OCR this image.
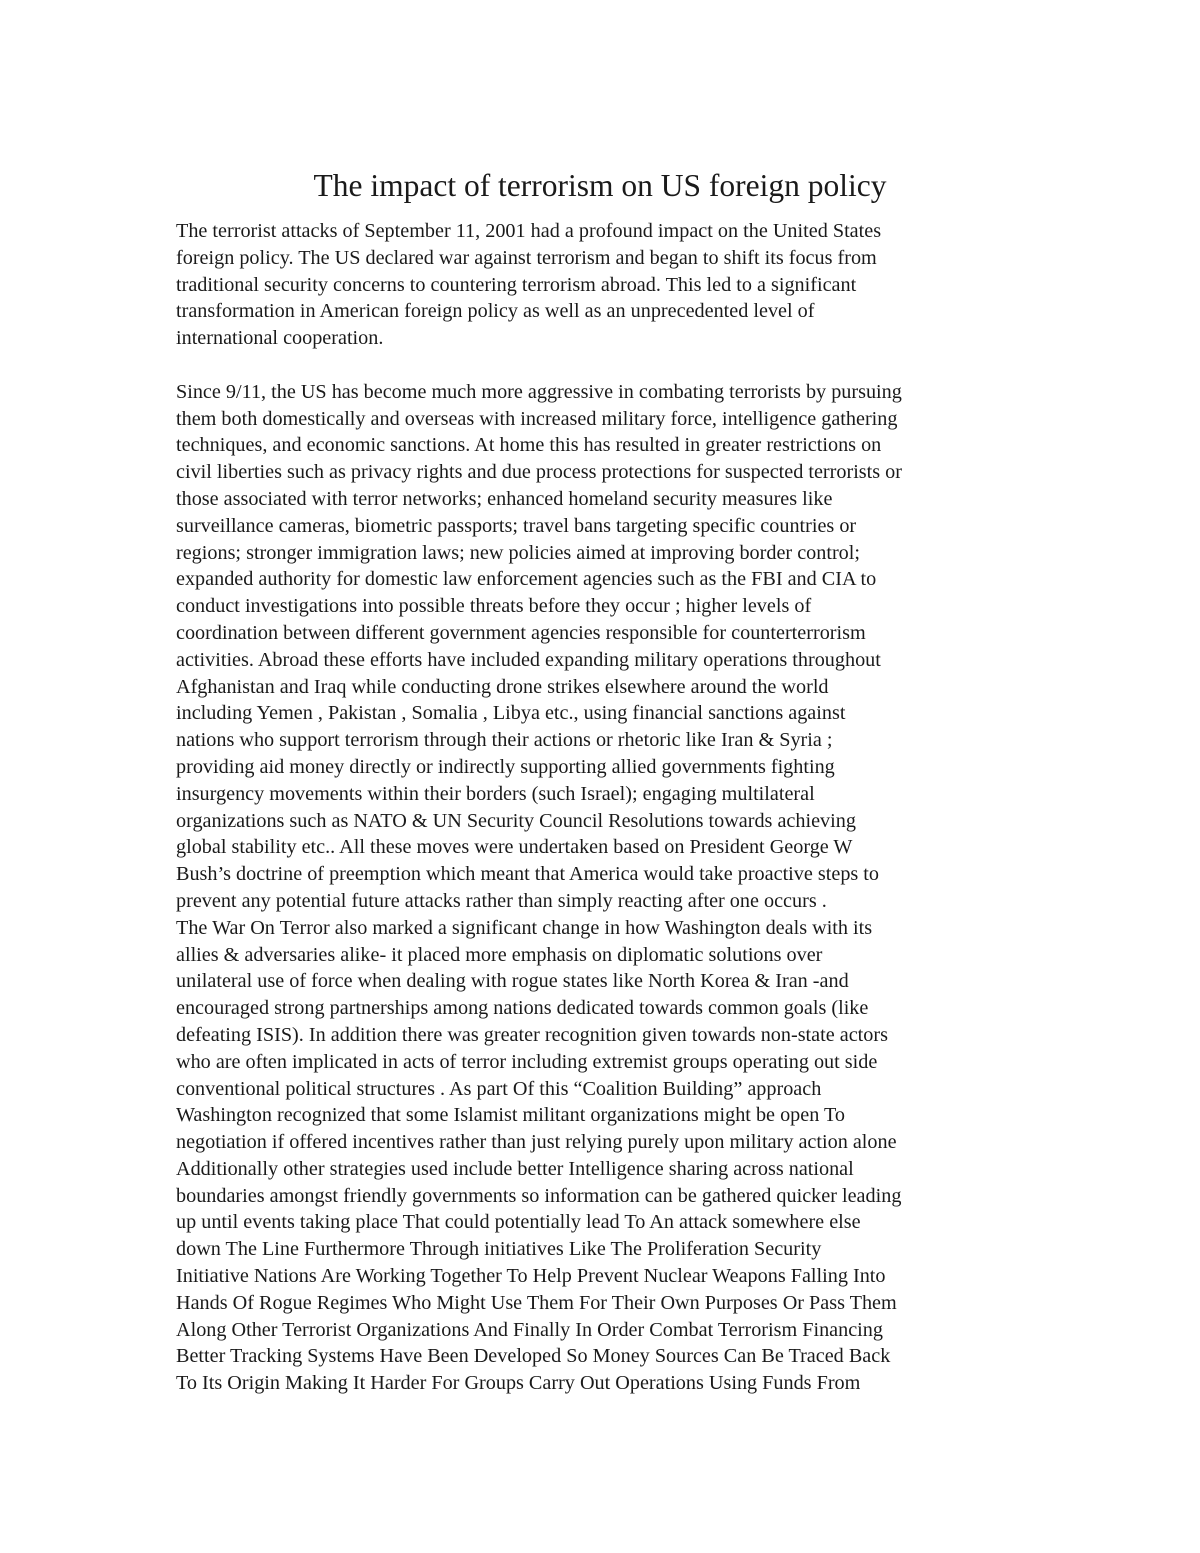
The impact of terrorism on US foreign policy
The terrorist attacks of September 11, 2001 had a profound impact on the United States
foreign policy. The US declared war against terrorism and began to shift its focus from
traditional security concerns to countering terrorism abroad. This led to a significant
transformation in American foreign policy as well as an unprecedented level of
international cooperation.
Since 9/11, the US has become much more aggressive in combating terrorists by pursuing
them both domestically and overseas with increased military force, intelligence gathering
techniques, and economic sanctions. At home this has resulted in greater restrictions on
civil liberties such as privacy rights and due process protections for suspected terrorists or
those associated with terror networks; enhanced homeland security measures like
surveillance cameras, biometric passports; travel bans targeting specific countries or
regions; stronger immigration laws; new policies aimed at improving border control;
expanded authority for domestic law enforcement agencies such as the FBI and CIA to
conduct investigations into possible threats before they occur ; higher levels of
coordination between different government agencies responsible for counterterrorism
activities. Abroad these efforts have included expanding military operations throughout
Afghanistan and Iraq while conducting drone strikes elsewhere around the world
including Yemen , Pakistan , Somalia , Libya etc., using financial sanctions against
nations who support terrorism through their actions or rhetoric like Iran & Syria ;
providing aid money directly or indirectly supporting allied governments fighting
insurgency movements within their borders (such Israel); engaging multilateral
organizations such as NATO & UN Security Council Resolutions towards achieving
global stability etc.. All these moves were undertaken based on President George W
Bush’s doctrine of preemption which meant that America would take proactive steps to
prevent any potential future attacks rather than simply reacting after one occurs .
The War On Terror also marked a significant change in how Washington deals with its
allies & adversaries alike- it placed more emphasis on diplomatic solutions over
unilateral use of force when dealing with rogue states like North Korea & Iran -and
encouraged strong partnerships among nations dedicated towards common goals (like
defeating ISIS). In addition there was greater recognition given towards non-state actors
who are often implicated in acts of terror including extremist groups operating out side
conventional political structures . As part Of this “Coalition Building” approach
Washington recognized that some Islamist militant organizations might be open To
negotiation if offered incentives rather than just relying purely upon military action alone
Additionally other strategies used include better Intelligence sharing across national
boundaries amongst friendly governments so information can be gathered quicker leading
up until events taking place That could potentially lead To An attack somewhere else
down The Line Furthermore Through initiatives Like The Proliferation Security
Initiative Nations Are Working Together To Help Prevent Nuclear Weapons Falling Into
Hands Of Rogue Regimes Who Might Use Them For Their Own Purposes Or Pass Them
Along Other Terrorist Organizations And Finally In Order Combat Terrorism Financing
Better Tracking Systems Have Been Developed So Money Sources Can Be Traced Back
To Its Origin Making It Harder For Groups Carry Out Operations Using Funds From
